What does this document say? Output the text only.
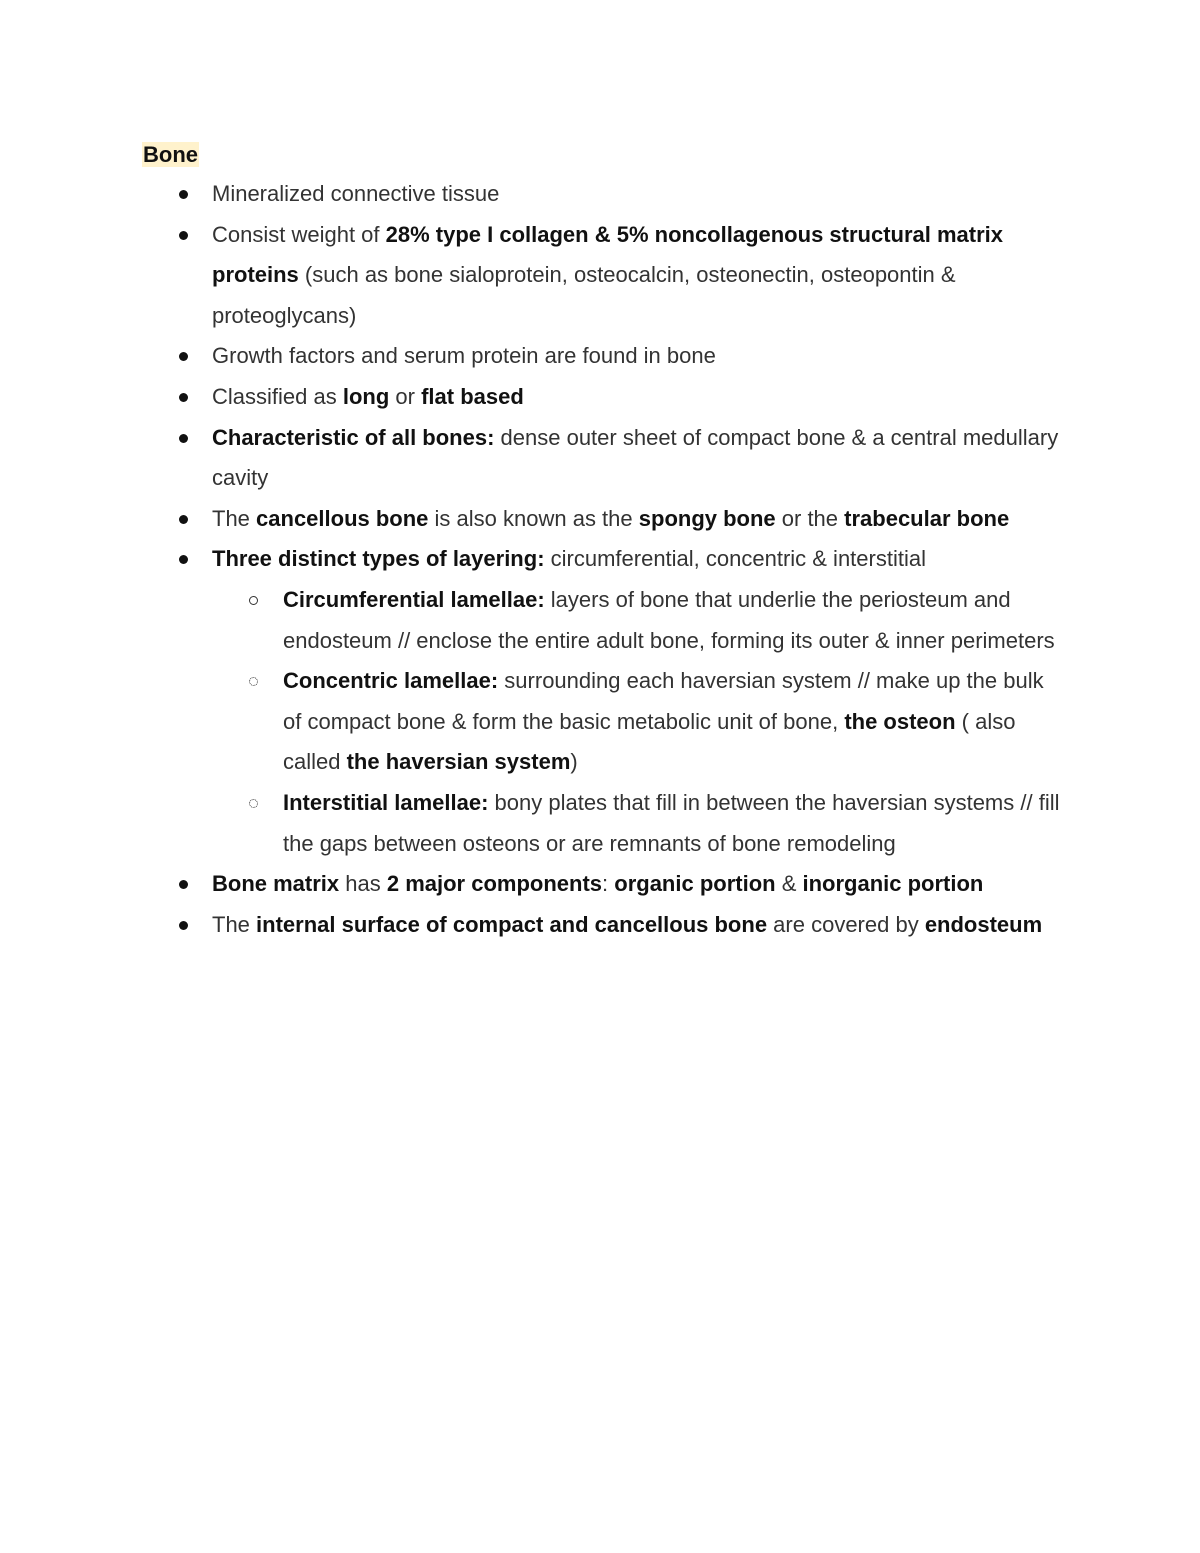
Bone
Mineralized connective tissue
Consist weight of 28% type I collagen & 5% noncollagenous structural matrix proteins (such as bone sialoprotein, osteocalcin, osteonectin, osteopontin & proteoglycans)
Growth factors and serum protein are found in bone
Classified as long or flat based
Characteristic of all bones: dense outer sheet of compact bone & a central medullary cavity
The cancellous bone is also known as the spongy bone or the trabecular bone
Three distinct types of layering: circumferential, concentric & interstitial
Circumferential lamellae: layers of bone that underlie the periosteum and endosteum // enclose the entire adult bone, forming its outer & inner perimeters
Concentric lamellae: surrounding each haversian system // make up the bulk of compact bone & form the basic metabolic unit of bone, the osteon ( also called the haversian system)
Interstitial lamellae: bony plates that fill in between the haversian systems // fill the gaps between osteons or are remnants of bone remodeling
Bone matrix has 2 major components: organic portion & inorganic portion
The internal surface of compact and cancellous bone are covered by endosteum
